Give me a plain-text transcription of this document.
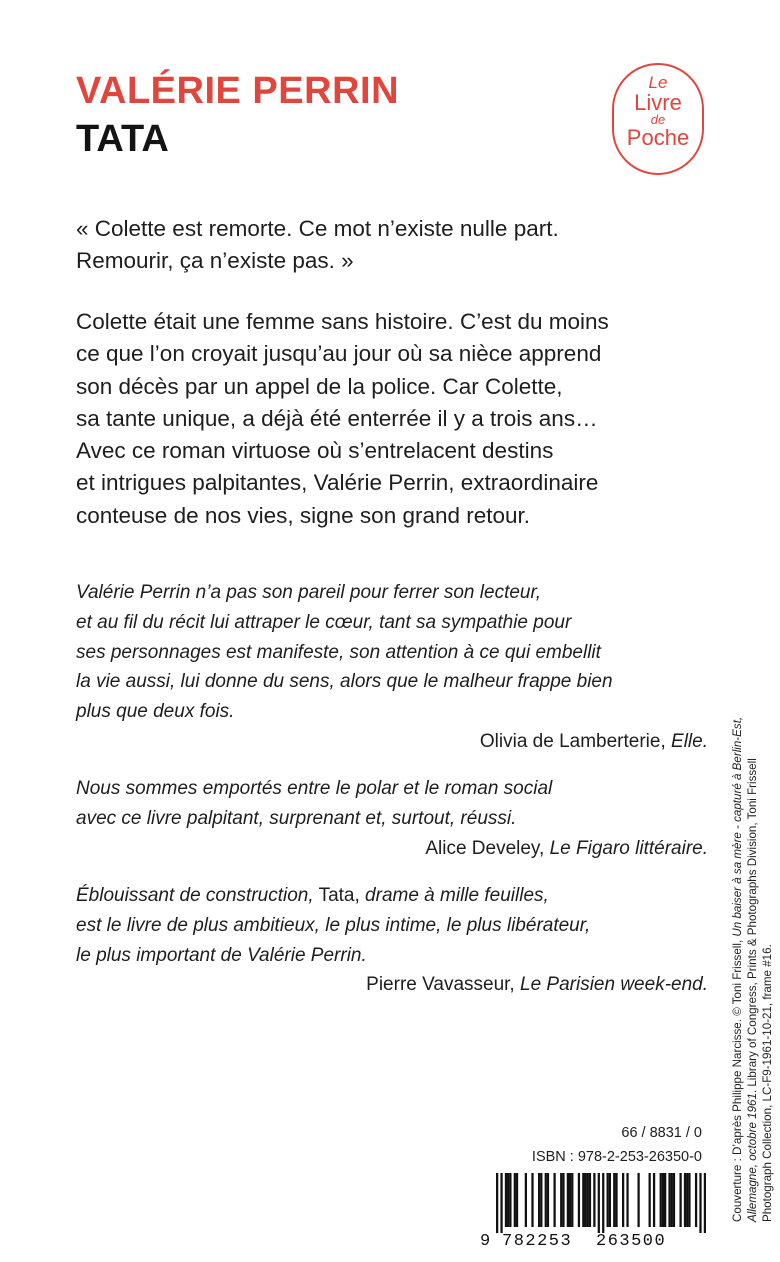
VALÉRIE PERRIN
TATA
Le
Livre
de
Poche

« Colette est remorte. Ce mot n’existe nulle part.
Remourir, ça n’existe pas. »

Colette était une femme sans histoire. C’est du moins
ce que l’on croyait jusqu’au jour où sa nièce apprend
son décès par un appel de la police. Car Colette,
sa tante unique, a déjà été enterrée il y a trois ans…
Avec ce roman virtuose où s’entrelacent destins
et intrigues palpitantes, Valérie Perrin, extraordinaire
conteuse de nos vies, signe son grand retour.

Valérie Perrin n’a pas son pareil pour ferrer son lecteur,
et au fil du récit lui attraper le cœur, tant sa sympathie pour
ses personnages est manifeste, son attention à ce qui embellit
la vie aussi, lui donne du sens, alors que le malheur frappe bien
plus que deux fois.

Olivia de Lamberterie, Elle.

Nous sommes emportés entre le polar et le roman social
avec ce livre palpitant, surprenant et, surtout, réussi.

Alice Develey, Le Figaro littéraire.

Éblouissant de construction, Tata, drame à mille feuilles,
est le livre de plus ambitieux, le plus intime, le plus libérateur,
le plus important de Valérie Perrin.

Pierre Vavasseur, Le Parisien week-end.

66 / 8831 / 0
ISBN : 978-2-253-26350-0
9 782253 263500
Couverture : D’après Philippe Narcisse. © Toni Frissell, Un baiser à sa mère - capturé à Berlin-Est,
Allemagne, octobre 1961. Library of Congress, Prints & Photographs Division, Toni Frissell Photograph Collection, LC-F9-1961-10-21, frame #16.
